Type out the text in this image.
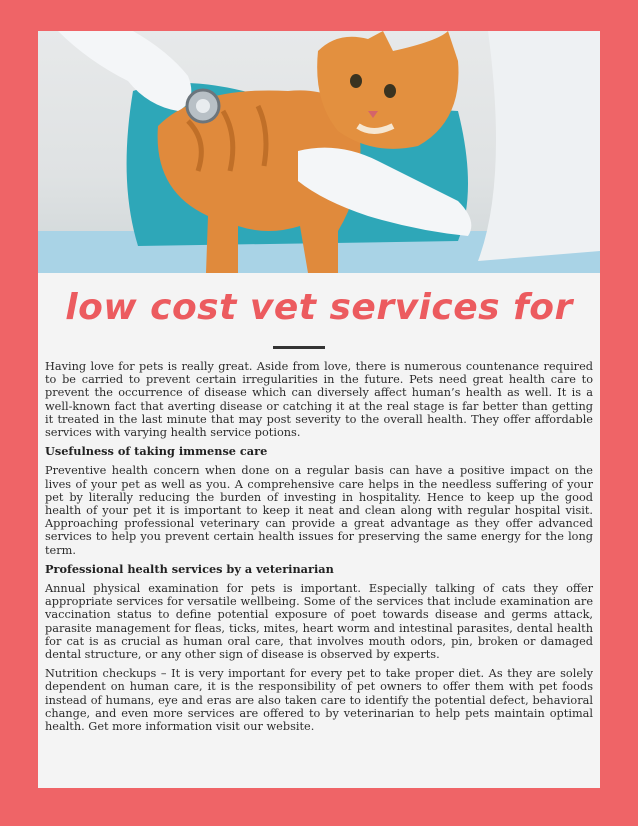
low cost vet services for

Having love for pets is really great. Aside from love, there is numerous countenance required to be carried to prevent certain irregularities in the future. Pets need great health care to prevent the occurrence of disease which can diversely affect human’s health as well. It is a well-known fact that averting disease or catching it at the real stage is far better than getting it treated in the last minute that may post severity to the overall health. They offer affordable services with varying health service potions.

Usefulness of taking immense care

Preventive health concern when done on a regular basis can have a positive impact on the lives of your pet as well as you. A comprehensive care helps in the needless suffering of your pet by literally reducing the burden of investing in hospitality. Hence to keep up the good health of your pet it is important to keep it neat and clean along with regular hospital visit. Approaching professional veterinary can provide a great advantage as they offer advanced services to help you prevent certain health issues for preserving the same energy for the long term.

Professional health services by a veterinarian

Annual physical examination for pets is important. Especially talking of cats they offer appropriate services for versatile wellbeing. Some of the services that include examination are vaccination status to define potential exposure of poet towards disease and germs attack, parasite management for fleas, ticks, mites, heart worm and intestinal parasites, dental health for cat is as crucial as human oral care, that involves mouth odors, pin, broken or damaged dental structure, or any other sign of disease is observed by experts.

Nutrition checkups – It is very important for every pet to take proper diet. As they are solely dependent on human care, it is the responsibility of pet owners to offer them with pet foods instead of humans, eye and eras are also taken care to identify the potential defect, behavioral change, and even more services are offered to by veterinarian to help pets maintain optimal health. Get more information visit our website.
